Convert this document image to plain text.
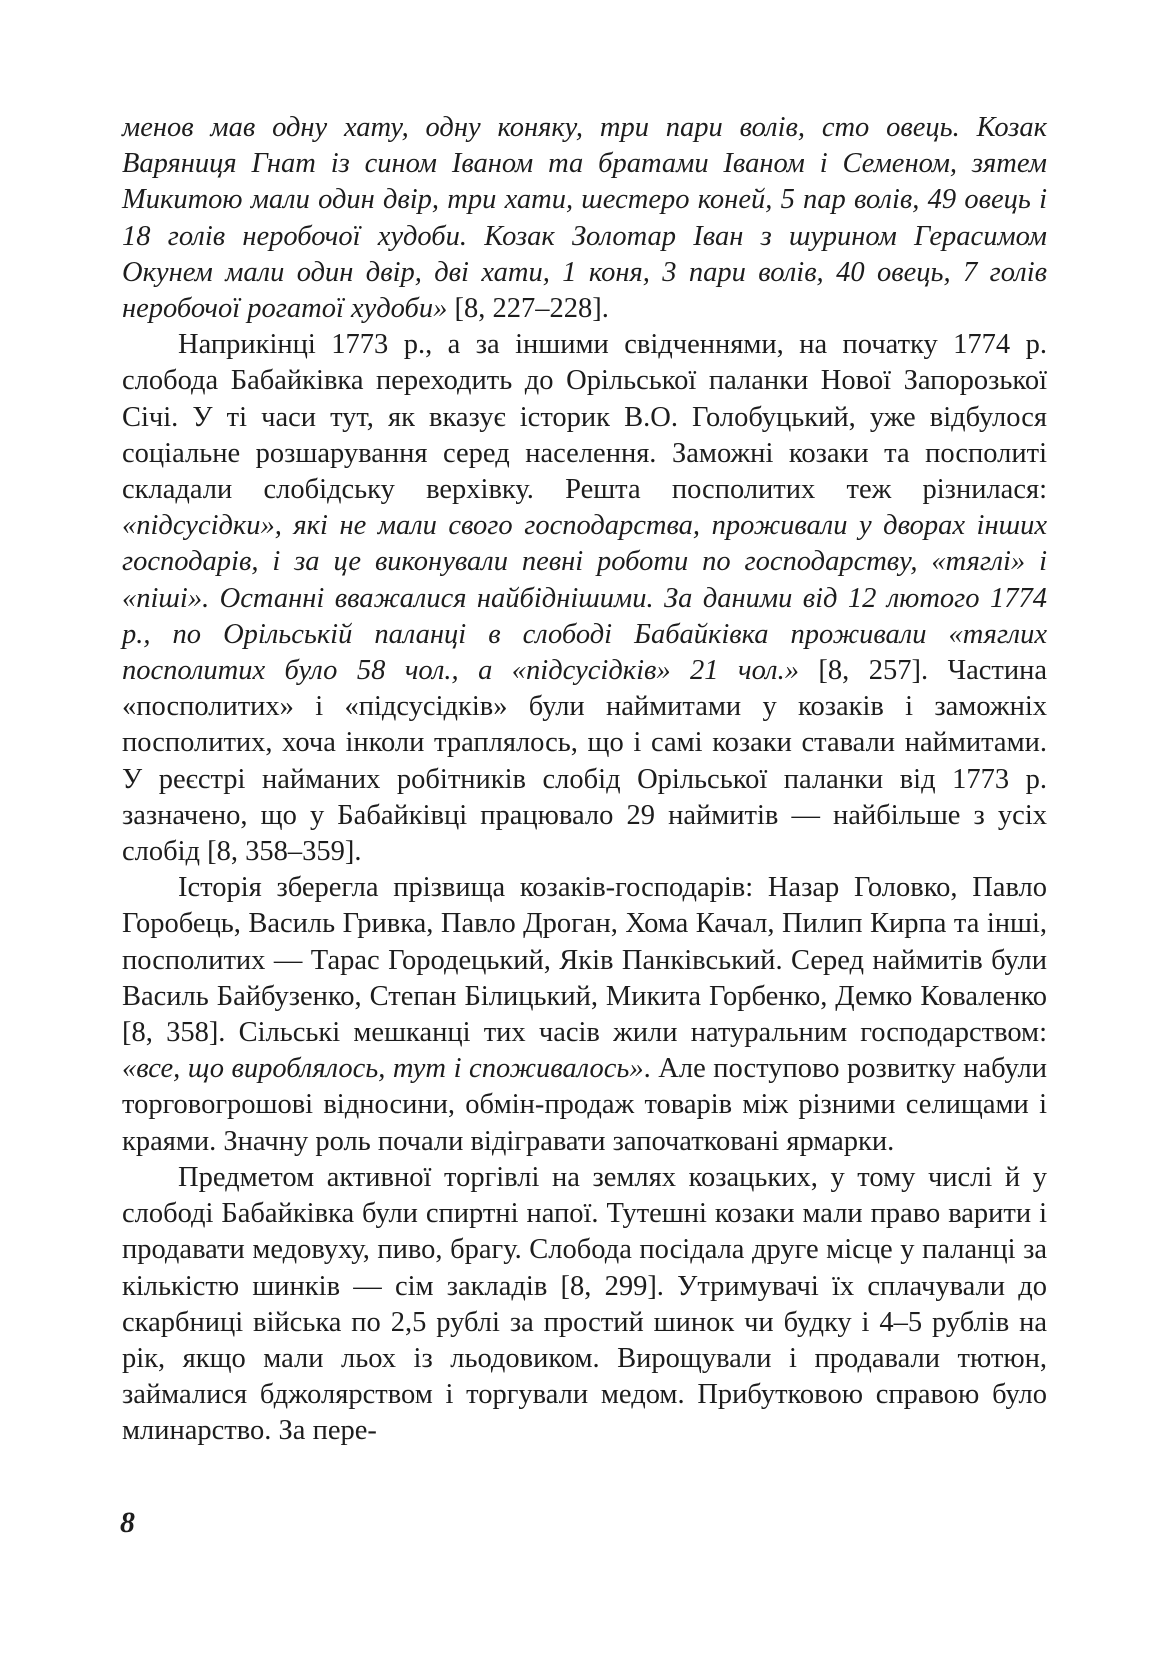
менов мав одну хату, одну коняку, три пари волів, сто овець. Козак Варяниця Гнат із сином Іваном та братами Іваном і Семеном, зятем Микитою мали один двір, три хати, шестеро коней, 5 пар волів, 49 овець і 18 голів неробочої худоби. Козак Золотар Іван з шурином Герасимом Окунем мали один двір, дві хати, 1 коня, 3 пари волів, 40 овець, 7 голів неробочої рогатої худоби» [8, 227–228].

Наприкінці 1773 р., а за іншими свідченнями, на початку 1774 р. слобода Бабайківка переходить до Орільської паланки Нової Запорозької Січі. У ті часи тут, як вказує історик В.О. Голобуцький, уже відбулося соціальне розшарування серед населення. Заможні козаки та посполиті складали слобідську верхівку. Решта посполитих теж різнилася: «підсусідки», які не мали свого господарства, проживали у дворах інших господарів, і за це виконували певні роботи по господарству, «тяглі» і «піші». Останні вважалися найбіднішими. За даними від 12 лютого 1774 р., по Орільській паланці в слободі Бабайківка проживали «тяглих посполитих було 58 чол., а «підсусідків» 21 чол.» [8, 257]. Частина «посполитих» і «підсусідків» були наймитами у козаків і заможніх посполитих, хоча інколи траплялось, що і самі козаки ставали наймитами. У реєстрі найманих робітників слобід Орільської паланки від 1773 р. зазначено, що у Бабайківці працювало 29 наймитів — найбільше з усіх слобід [8, 358–359].

Історія зберегла прізвища козаків-господарів: Назар Головко, Павло Горобець, Василь Гривка, Павло Дроган, Хома Качал, Пилип Кирпа та інші, посполитих — Тарас Городецький, Яків Панківський. Серед наймитів були Василь Байбузенко, Степан Білицький, Микита Горбенко, Демко Коваленко [8, 358]. Сільські мешканці тих часів жили натуральним господарством: «все, що вироблялось, тут і споживалось». Але поступово розвитку набули торговогрошові відносини, обмін-продаж товарів між різними селищами і краями. Значну роль почали відігравати започатковані ярмарки.

Предметом активної торгівлі на землях козацьких, у тому числі й у слободі Бабайківка були спиртні напої. Тутешні козаки мали право варити і продавати медовуху, пиво, брагу. Слобода посідала друге місце у паланці за кількістю шинків — сім закладів [8, 299]. Утримувачі їх сплачували до скарбниці війська по 2,5 рублі за простий шинок чи будку і 4–5 рублів на рік, якщо мали льох із льодовиком. Вирощували і продавали тютюн, займалися бджолярством і торгували медом. Прибутковою справою було млинарство. За пере-

8
